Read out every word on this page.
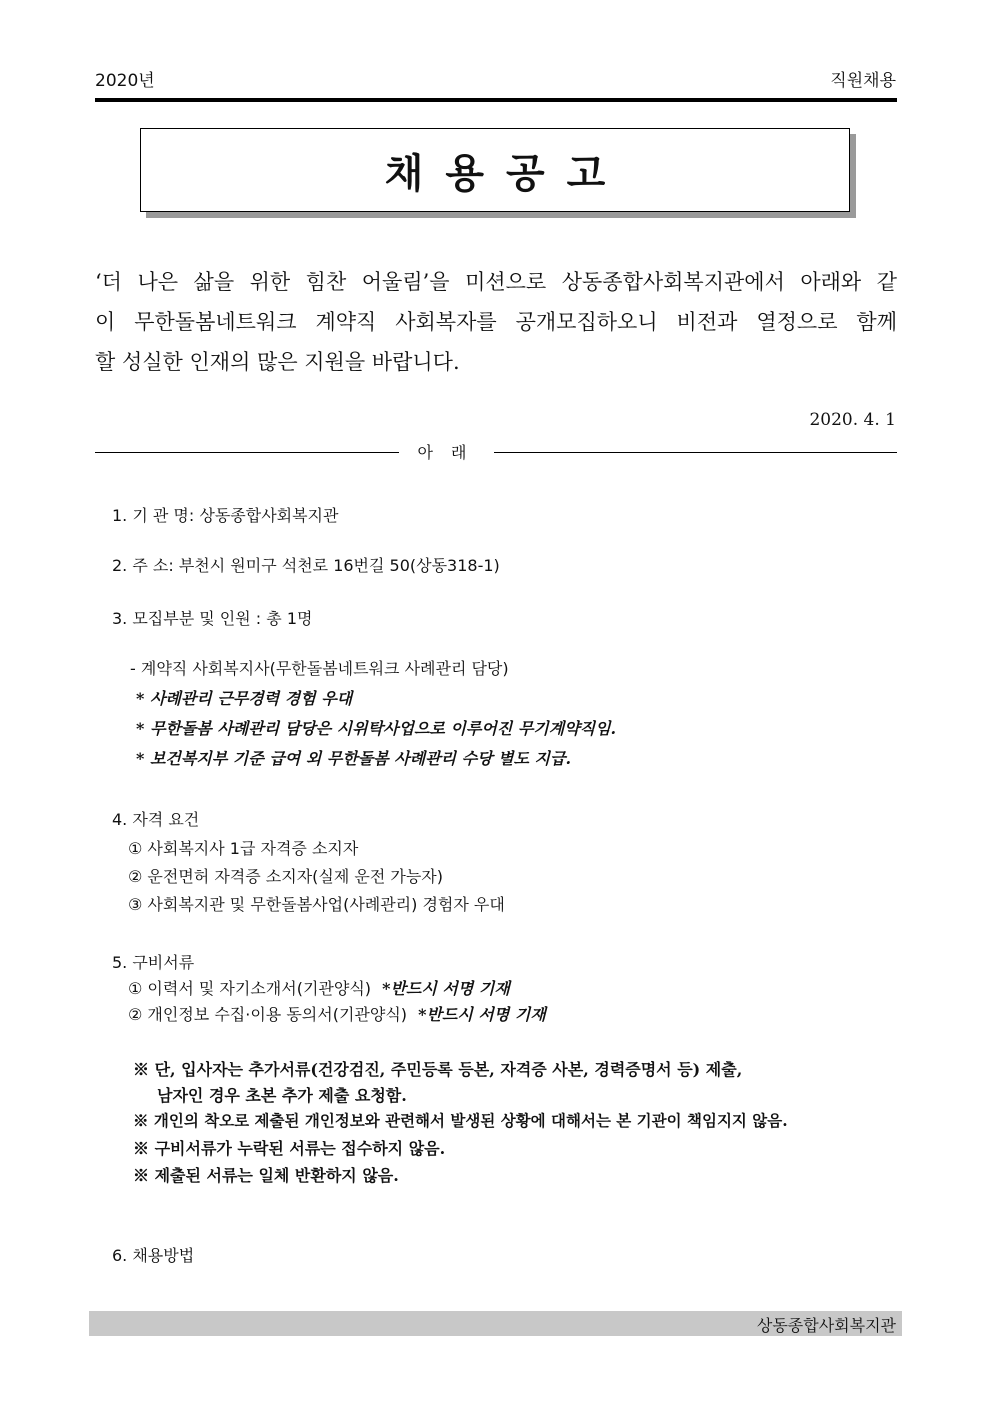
2020년	직원채용
채용공고
‘더 나은 삶을 위한 힘찬 어울림’을 미션으로 상동종합사회복지관에서 아래와 같
이 무한돌봄네트워크 계약직 사회복자를 공개모집하오니 비전과 열정으로 함께
할 성실한 인재의 많은 지원을 바랍니다.
2020. 4. 1
아래
1. 기 관 명: 상동종합사회복지관
2. 주 소: 부천시 원미구 석천로 16번길 50(상동318-1)
3. 모집부분 및 인원 : 총 1명
- 계약직 사회복지사(무한돌봄네트워크 사례관리 담당)
* 사례관리 근무경력 경험 우대
* 무한돌봄 사례관리 담당은 시위탁사업으로 이루어진 무기계약직임.
* 보건복지부 기준 급여 외 무한돌봄 사례관리 수당 별도 지급.
4. 자격 요건
① 사회복지사 1급 자격증 소지자
② 운전면허 자격증 소지자(실제 운전 가능자)
③ 사회복지관 및 무한돌봄사업(사례관리) 경험자 우대
5. 구비서류
① 이력서 및 자기소개서(기관양식) *반드시 서명 기재
② 개인정보 수집·이용 동의서(기관양식) *반드시 서명 기재
※ 단, 입사자는 추가서류(건강검진, 주민등록 등본, 자격증 사본, 경력증명서 등) 제출,
남자인 경우 초본 추가 제출 요청함.
※ 개인의 착오로 제출된 개인정보와 관련해서 발생된 상황에 대해서는 본 기관이 책임지지 않음.
※ 구비서류가 누락된 서류는 접수하지 않음.
※ 제출된 서류는 일체 반환하지 않음.
6. 채용방법
상동종합사회복지관
